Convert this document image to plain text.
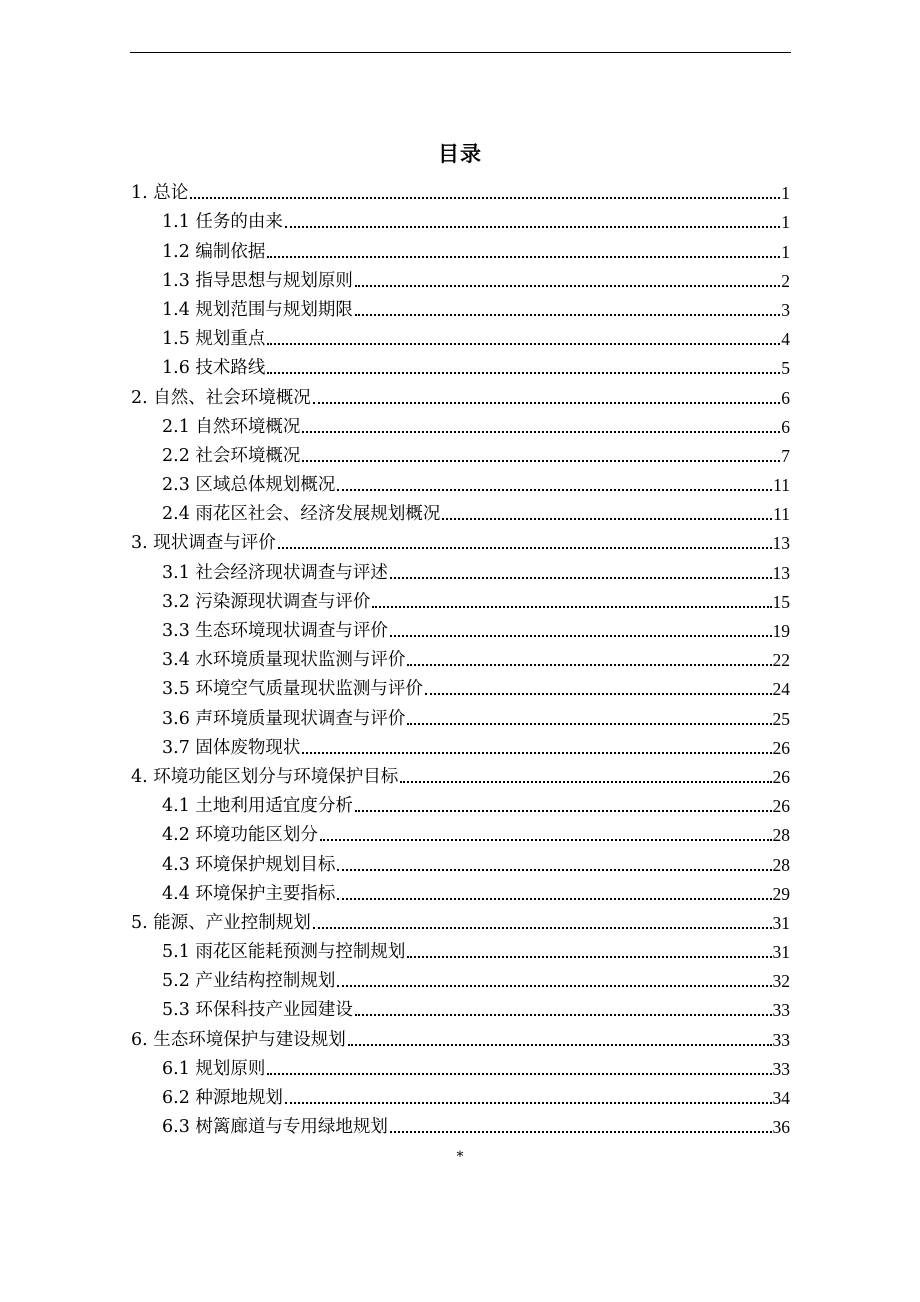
目录
1. 总论	1
1.1 任务的由来	1
1.2 编制依据	1
1.3 指导思想与规划原则	2
1.4 规划范围与规划期限	3
1.5 规划重点	4
1.6 技术路线	5
2. 自然、社会环境概况	6
2.1 自然环境概况	6
2.2 社会环境概况	7
2.3 区域总体规划概况	11
2.4 雨花区社会、经济发展规划概况	11
3. 现状调查与评价	13
3.1 社会经济现状调查与评述	13
3.2 污染源现状调查与评价	15
3.3 生态环境现状调查与评价	19
3.4 水环境质量现状监测与评价	22
3.5 环境空气质量现状监测与评价	24
3.6 声环境质量现状调查与评价	25
3.7 固体废物现状	26
4. 环境功能区划分与环境保护目标	26
4.1 土地利用适宜度分析	26
4.2 环境功能区划分	28
4.3 环境保护规划目标	28
4.4 环境保护主要指标	29
5. 能源、产业控制规划	31
5.1 雨花区能耗预测与控制规划	31
5.2 产业结构控制规划	32
5.3 环保科技产业园建设	33
6. 生态环境保护与建设规划	33
6.1 规划原则	33
6.2 种源地规划	34
6.3 树篱廊道与专用绿地规划	36
*
